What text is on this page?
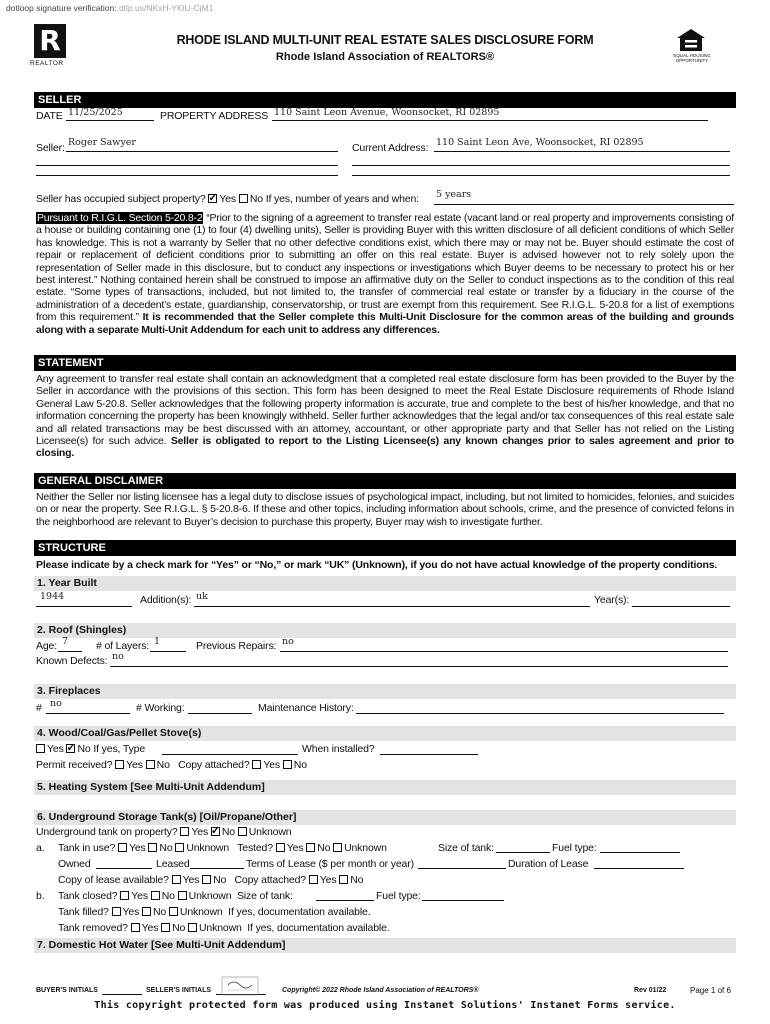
dotloop signature verification: dtlp.us/NKsH-YKlU-CjM1
R
REALTOR
EQUAL HOUSING OPPORTUNITY
RHODE ISLAND MULTI-UNIT REAL ESTATE SALES DISCLOSURE FORM
Rhode Island Association of REALTORS®
SELLER
DATE 11/25/2025	PROPERTY ADDRESS 110 Saint Leon Avenue, Woonsocket, RI 02895
Seller: Roger Sawyer	Current Address: 110 Saint Leon Ave, Woonsocket, RI 02895
Seller has occupied subject property? ✓ Yes No If yes, number of years and when: 5 years
Pursuant to R.I.G.L. Section 5-20.8-2 “Prior to the signing of a agreement to transfer real estate (vacant land or real property and improvements consisting of a house or building containing one (1) to four (4) dwelling units), Seller is providing Buyer with this written disclosure of all deficient conditions of which Seller has knowledge. This is not a warranty by Seller that no other defective conditions exist, which there may or may not be. Buyer should estimate the cost of repair or replacement of deficient conditions prior to submitting an offer on this real estate. Buyer is advised however not to rely solely upon the representation of Seller made in this disclosure, but to conduct any inspections or investigations which Buyer deems to be necessary to protect his or her best interest.” Nothing contained herein shall be construed to impose an affirmative duty on the Seller to conduct inspections as to the condition of this real estate. “Some types of transactions, included, but not limited to, the transfer of commercial real estate or transfer by a fiduciary in the course of the administration of a decedent’s estate, guardianship, conservatorship, or trust are exempt from this requirement. See R.I.G.L. 5-20.8 for a list of exemptions from this requirement.” It is recommended that the Seller complete this Multi-Unit Disclosure for the common areas of the building and grounds along with a separate Multi-Unit Addendum for each unit to address any differences.
STATEMENT
Any agreement to transfer real estate shall contain an acknowledgment that a completed real estate disclosure form has been provided to the Buyer by the Seller in accordance with the provisions of this section. This form has been designed to meet the Real Estate Disclosure requirements of Rhode Island General Law 5-20.8. Seller acknowledges that the following property information is accurate, true and complete to the best of his/her knowledge, and that no information concerning the property has been knowingly withheld. Seller further acknowledges that the legal and/or tax consequences of this real estate sale and all related transactions may be best discussed with an attorney, accountant, or other appropriate party and that Seller has not relied on the Listing Licensee(s) for such advice. Seller is obligated to report to the Listing Licensee(s) any known changes prior to sales agreement and prior to closing.
GENERAL DISCLAIMER
Neither the Seller nor listing licensee has a legal duty to disclose issues of psychological impact, including, but not limited to homicides, felonies, and suicides on or near the property. See R.I.G.L. § 5-20.8-6. If these and other topics, including information about schools, crime, and the presence of convicted felons in the neighborhood are relevant to Buyer’s decision to purchase this property, Buyer may wish to investigate further.
STRUCTURE
Please indicate by a check mark for “Yes” or “No,” or mark “UK” (Unknown), if you do not have actual knowledge of the property conditions.
1. Year Built
1944	Addition(s): uk	Year(s):
2. Roof (Shingles)
Age: 7	# of Layers: 1	Previous Repairs: no
Known Defects: no
3. Fireplaces
# no	# Working:	Maintenance History:
4. Wood/Coal/Gas/Pellet Stove(s)
Yes ✓ No If yes, Type	When installed?
Permit received? Yes No Copy attached? Yes No
5. Heating System [See Multi-Unit Addendum]
6. Underground Storage Tank(s) [Oil/Propane/Other]
Underground tank on property? Yes ✓ No Unknown
a. Tank in use? Yes No Unknown Tested? Yes No Unknown	Size of tank:	Fuel type:
Owned	Leased	Terms of Lease ($ per month or year)	Duration of Lease
Copy of lease available? Yes No Copy attached? Yes No
b. Tank closed? Yes No Unknown Size of tank:	Fuel type:
Tank filled? Yes No Unknown If yes, documentation available.
Tank removed? Yes No Unknown If yes, documentation available.
7. Domestic Hot Water [See Multi-Unit Addendum]
BUYER'S INITIALS	SELLER'S INITIALS	Copyright© 2022 Rhode Island Association of REALTORS®	Rev 01/22	Page 1 of 6
This copyright protected form was produced using Instanet Solutions' Instanet Forms service.
